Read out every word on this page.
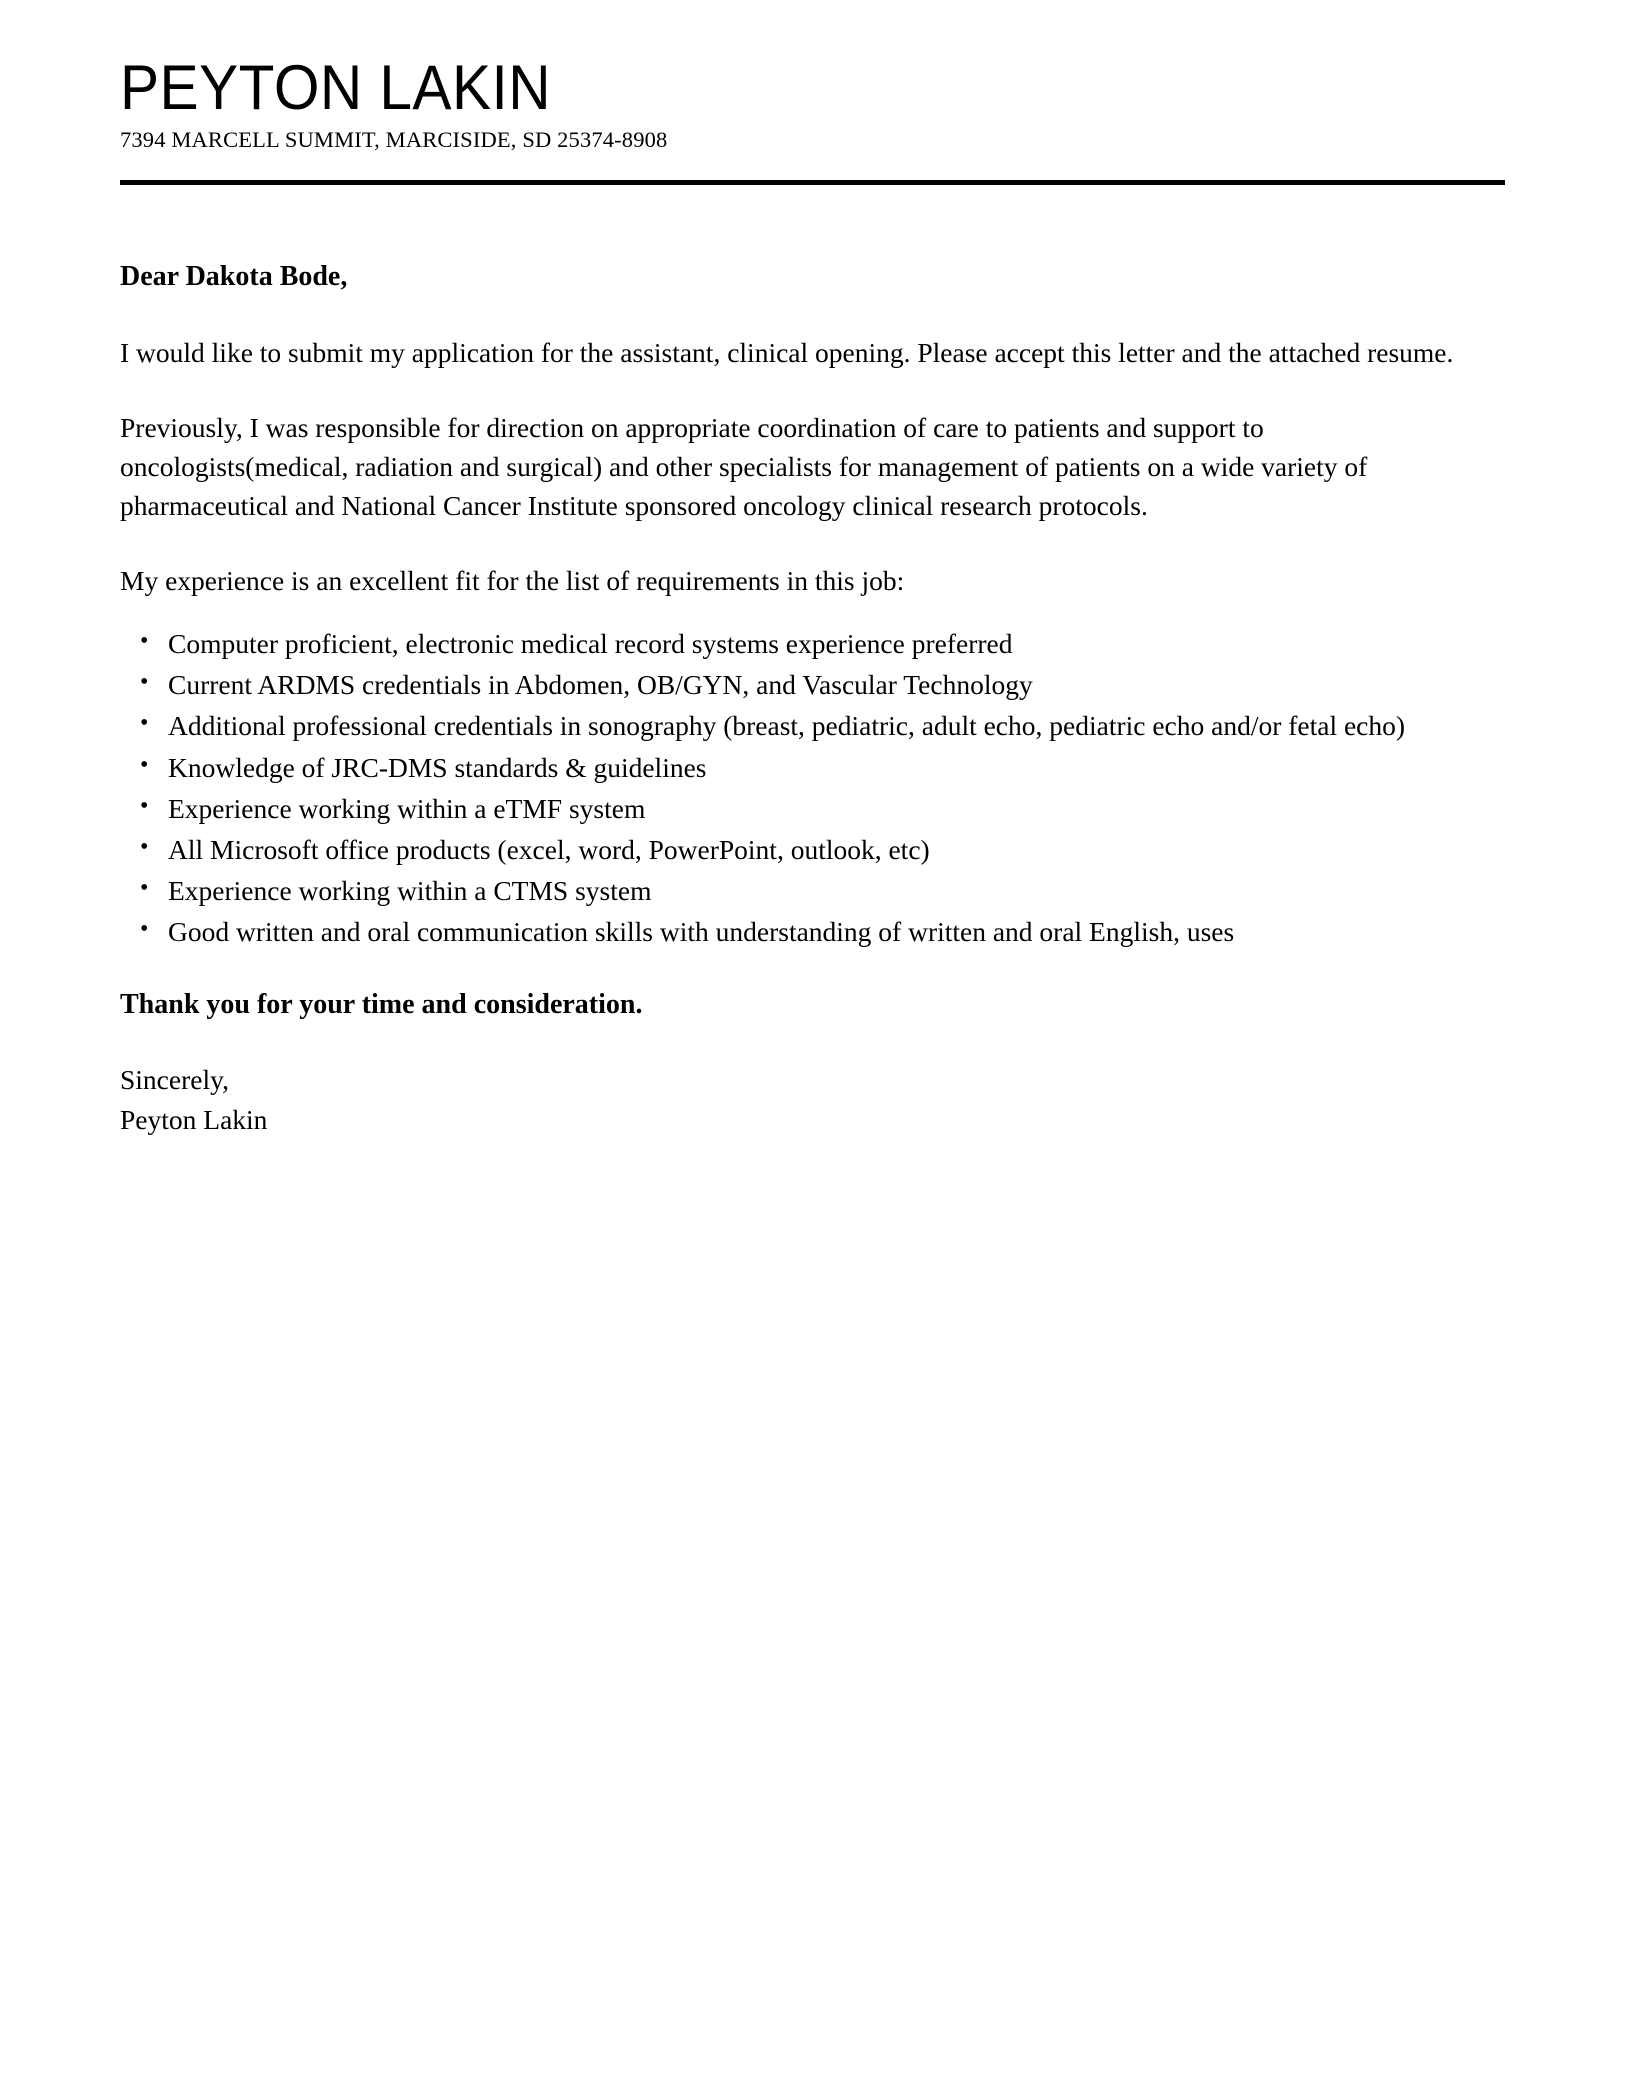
PEYTON LAKIN
7394 MARCELL SUMMIT, MARCISIDE, SD 25374-8908

Dear Dakota Bode,

I would like to submit my application for the assistant, clinical opening. Please accept this letter and the attached resume.

Previously, I was responsible for direction on appropriate coordination of care to patients and support to oncologists(medical, radiation and surgical) and other specialists for management of patients on a wide variety of pharmaceutical and National Cancer Institute sponsored oncology clinical research protocols.

My experience is an excellent fit for the list of requirements in this job:

• Computer proficient, electronic medical record systems experience preferred
• Current ARDMS credentials in Abdomen, OB/GYN, and Vascular Technology
• Additional professional credentials in sonography (breast, pediatric, adult echo, pediatric echo and/or fetal echo)
• Knowledge of JRC-DMS standards & guidelines
• Experience working within a eTMF system
• All Microsoft office products (excel, word, PowerPoint, outlook, etc)
• Experience working within a CTMS system
• Good written and oral communication skills with understanding of written and oral English, uses

Thank you for your time and consideration.

Sincerely,

Peyton Lakin
